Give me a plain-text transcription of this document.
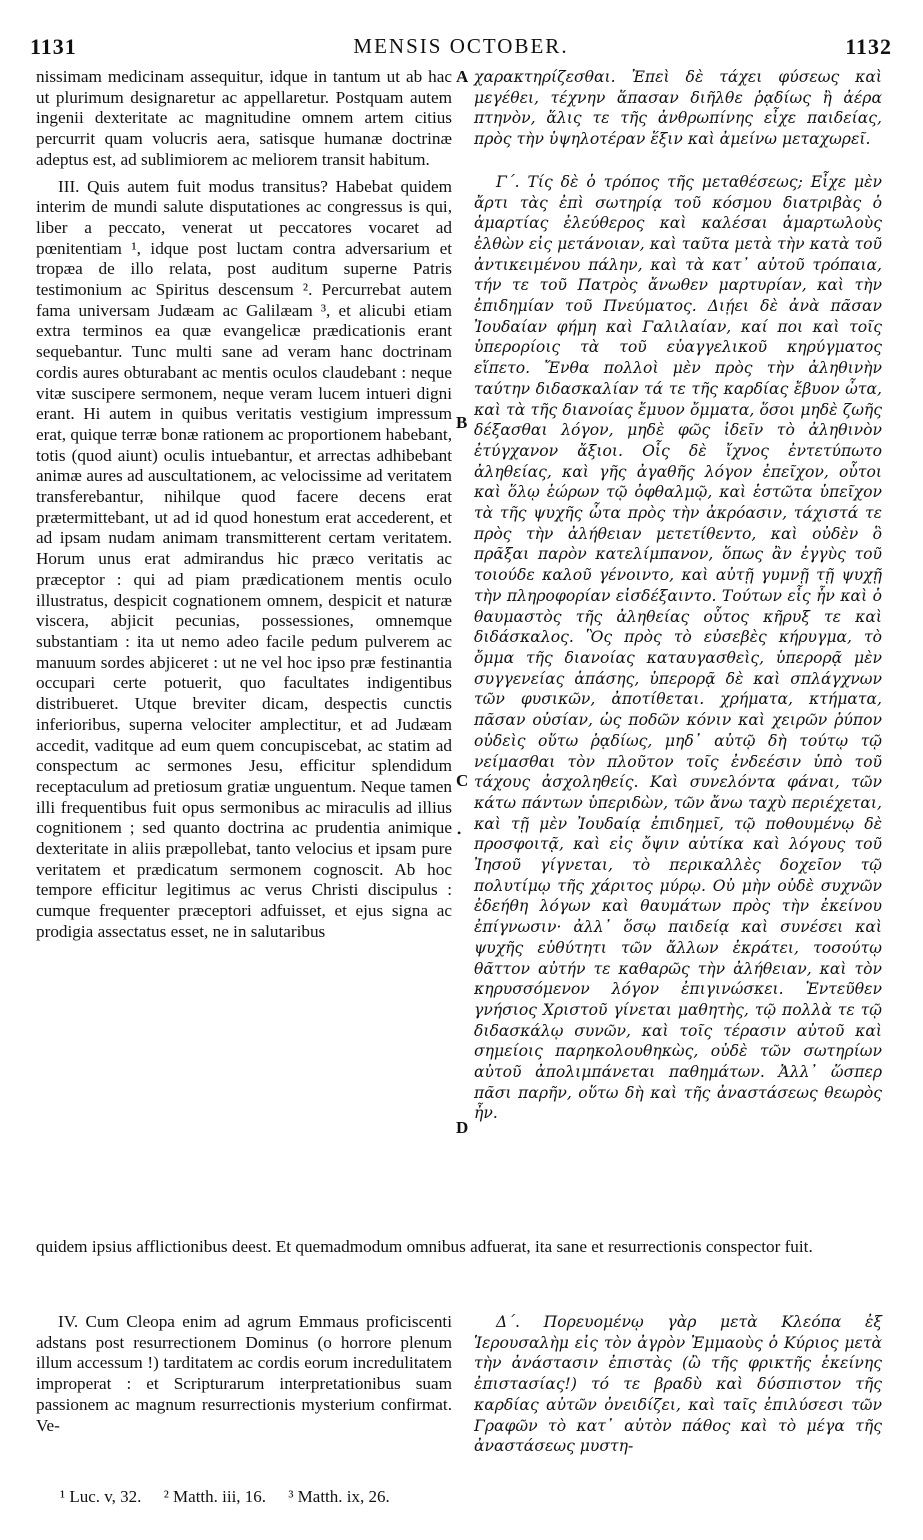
1131	MENSIS OCTOBER.	1132

nissimam medicinam assequitur, idque in tantum ut ab hac ut plurimum designaretur ac appellaretur. Postquam autem ingenii dexteritate ac magnitudine omnem artem citius percurrit quam volucris aera, satisque humanæ doctrinæ adeptus est, ad sublimiorem ac meliorem transit habitum.

III. Quis autem fuit modus transitus? Habebat quidem interim de mundi salute disputationes ac congressus is qui, liber a peccato, venerat ut peccatores vocaret ad pœnitentiam ¹, idque post luctam contra adversarium et tropæa de illo relata, post auditum superne Patris testimonium ac Spiritus descensum ². Percurrebat autem fama universam Judæam ac Galilæam ³, et alicubi etiam extra terminos ea quæ evangelicæ prædicationis erant sequebantur. Tunc multi sane ad veram hanc doctrinam cordis aures obturabant ac mentis oculos claudebant : neque vitæ suscipere sermonem, neque veram lucem intueri digni erant. Hi autem in quibus veritatis vestigium impressum erat, quique terræ bonæ rationem ac proportionem habebant, totis (quod aiunt) oculis intuebantur, et arrectas adhibebant animæ aures ad auscultationem, ac velocissime ad veritatem transferebantur, nihilque quod facere decens erat prætermittebant, ut ad id quod honestum erat accederent, et ad ipsam nudam animam transmitterent certam veritatem. Horum unus erat admirandus hic præco veritatis ac præceptor : qui ad piam prædicationem mentis oculo illustratus, despicit cognationem omnem, despicit et naturæ viscera, abjicit pecunias, possessiones, omnemque substantiam : ita ut nemo adeo facile pedum pulverem ac manuum sordes abjiceret : ut ne vel hoc ipso præ festinantia occupari certe potuerit, quo facultates indigentibus distribueret. Utque breviter dicam, despectis cunctis inferioribus, superna velociter amplectitur, et ad Judæam accedit, vaditque ad eum quem concupiscebat, ac statim ad conspectum ac sermones Jesu, efficitur splendidum receptaculum ad pretiosum gratiæ unguentum. Neque tamen illi frequentibus fuit opus sermonibus ac miraculis ad illius cognitionem ; sed quanto doctrina ac prudentia animique dexteritate in aliis præpollebat, tanto velocius et ipsam pure veritatem et prædicatum sermonem cognoscit. Ab hoc tempore efficitur legitimus ac verus Christi discipulus : cumque frequenter præceptori adfuisset, et ejus signa ac prodigia assectatus esset, ne in salutaribus

χαρακτηρίζεσθαι. Ἐπεὶ δὲ τάχει φύσεως καὶ μεγέθει, τέχνην ἅπασαν διῆλθε ῥᾳδίως ἢ ἀέρα πτηνὸν, ἅλις τε τῆς ἀνθρωπίνης εἶχε παιδείας, πρὸς τὴν ὑψηλοτέραν ἕξιν καὶ ἀμείνω μεταχωρεῖ.

Γ΄. Τίς δὲ ὁ τρόπος τῆς μεταθέσεως; Εἶχε μὲν ἄρτι τὰς ἐπὶ σωτηρίᾳ τοῦ κόσμου διατριβὰς ὁ ἁμαρτίας ἐλεύθερος καὶ καλέσαι ἁμαρτωλοὺς ἐλθὼν εἰς μετάνοιαν, καὶ ταῦτα μετὰ τὴν κατὰ τοῦ ἀντικειμένου πάλην, καὶ τὰ κατ᾽ αὐτοῦ τρόπαια, τήν τε τοῦ Πατρὸς ἄνωθεν μαρτυρίαν, καὶ τὴν ἐπιδημίαν τοῦ Πνεύματος. Διῄει δὲ ἀνὰ πᾶσαν Ἰουδαίαν φήμη καὶ Γαλιλαίαν, καί ποι καὶ τοῖς ὑπερορίοις τὰ τοῦ εὐαγγελικοῦ κηρύγματος εἵπετο. Ἔνθα πολλοὶ μὲν πρὸς τὴν ἀληθινὴν ταύτην διδασκαλίαν τά τε τῆς καρδίας ἔβυον ὦτα, καὶ τὰ τῆς διανοίας ἔμυον ὄμματα, ὅσοι μηδὲ ζωῆς δέξασθαι λόγον, μηδὲ φῶς ἰδεῖν τὸ ἀληθινὸν ἐτύγχανον ἄξιοι. Οἷς δὲ ἴχνος ἐντετύπωτο ἀληθείας, καὶ γῆς ἀγαθῆς λόγον ἐπεῖχον, οὗτοι καὶ ὅλῳ ἑώρων τῷ ὀφθαλμῷ, καὶ ἑστῶτα ὑπεῖχον τὰ τῆς ψυχῆς ὦτα πρὸς τὴν ἀκρόασιν, τάχιστά τε πρὸς τὴν ἀλήθειαν μετετίθεντο, καὶ οὐδὲν ὃ πρᾶξαι παρὸν κατελίμπανον, ὅπως ἂν ἐγγὺς τοῦ τοιούδε καλοῦ γένοιντο, καὶ αὐτῇ γυμνῇ τῇ ψυχῇ τὴν πληροφορίαν εἰσδέξαιντο. Τούτων εἷς ἦν καὶ ὁ θαυμαστὸς τῆς ἀληθείας οὗτος κῆρυξ τε καὶ διδάσκαλος. Ὃς πρὸς τὸ εὐσεβὲς κήρυγμα, τὸ ὄμμα τῆς διανοίας καταυγασθεὶς, ὑπερορᾷ μὲν συγγενείας ἁπάσης, ὑπερορᾷ δὲ καὶ σπλάγχνων τῶν φυσικῶν, ἀποτίθεται. χρήματα, κτήματα, πᾶσαν οὐσίαν, ὡς ποδῶν κόνιν καὶ χειρῶν ῥύπον οὐδεὶς οὕτω ῥᾳδίως, μηδ᾽ αὐτῷ δὴ τούτῳ τῷ νείμασθαι τὸν πλοῦτον τοῖς ἐνδεέσιν ὑπὸ τοῦ τάχους ἀσχοληθείς. Καὶ συνελόντα φάναι, τῶν κάτω πάντων ὑπεριδὼν, τῶν ἄνω ταχὺ περιέχεται, καὶ τῇ μὲν Ἰουδαίᾳ ἐπιδημεῖ, τῷ ποθουμένῳ δὲ προσφοιτᾷ, καὶ εἰς ὄψιν αὐτίκα καὶ λόγους τοῦ Ἰησοῦ γίγνεται, τὸ περικαλλὲς δοχεῖον τῷ πολυτίμῳ τῆς χάριτος μύρῳ. Οὐ μὴν οὐδὲ συχνῶν ἐδεήθη λόγων καὶ θαυμάτων πρὸς τὴν ἐκείνου ἐπίγνωσιν· ἀλλ᾽ ὅσῳ παιδείᾳ καὶ συνέσει καὶ ψυχῆς εὐθύτητι τῶν ἄλλων ἐκράτει, τοσούτῳ θᾶττον αὐτήν τε καθαρῶς τὴν ἀλήθειαν, καὶ τὸν κηρυσσόμενον λόγον ἐπιγινώσκει. Ἐντεῦθεν γνήσιος Χριστοῦ γίνεται μαθητὴς, τῷ πολλὰ τε τῷ διδασκάλῳ συνῶν, καὶ τοῖς τέρασιν αὐτοῦ καὶ σημείοις παρηκολουθηκὼς, οὐδὲ τῶν σωτηρίων αὐτοῦ ἀπολιμπάνεται παθημάτων. Ἀλλ᾽ ὥσπερ πᾶσι παρῆν, οὕτω δὴ καὶ τῆς ἀναστάσεως θεωρὸς ἦν.

A
B
C
D
•

quidem ipsius afflictionibus deest. Et quemadmodum omnibus adfuerat, ita sane et resurrectionis conspector fuit.

IV. Cum Cleopa enim ad agrum Emmaus proficiscenti adstans post resurrectionem Dominus (o horrore plenum illum accessum !) tarditatem ac cordis eorum incredulitatem improperat : et Scripturarum interpretationibus suam passionem ac magnum resurrectionis mysterium confirmat. Ve-

Δ΄. Πορευομένῳ γὰρ μετὰ Κλεόπα ἐξ Ἱερουσαλὴμ εἰς τὸν ἀγρὸν Ἐμμαοὺς ὁ Κύριος μετὰ τὴν ἀνάστασιν ἐπιστὰς (ὢ τῆς φρικτῆς ἐκείνης ἐπιστασίας!) τό τε βραδὺ καὶ δύσπιστον τῆς καρδίας αὐτῶν ὀνειδίζει, καὶ ταῖς ἐπιλύσεσι τῶν Γραφῶν τὸ κατ᾽ αὐτὸν πάθος καὶ τὸ μέγα τῆς ἀναστάσεως μυστη-

¹ Luc. v, 32. ² Matth. iii, 16. ³ Matth. ix, 26.
